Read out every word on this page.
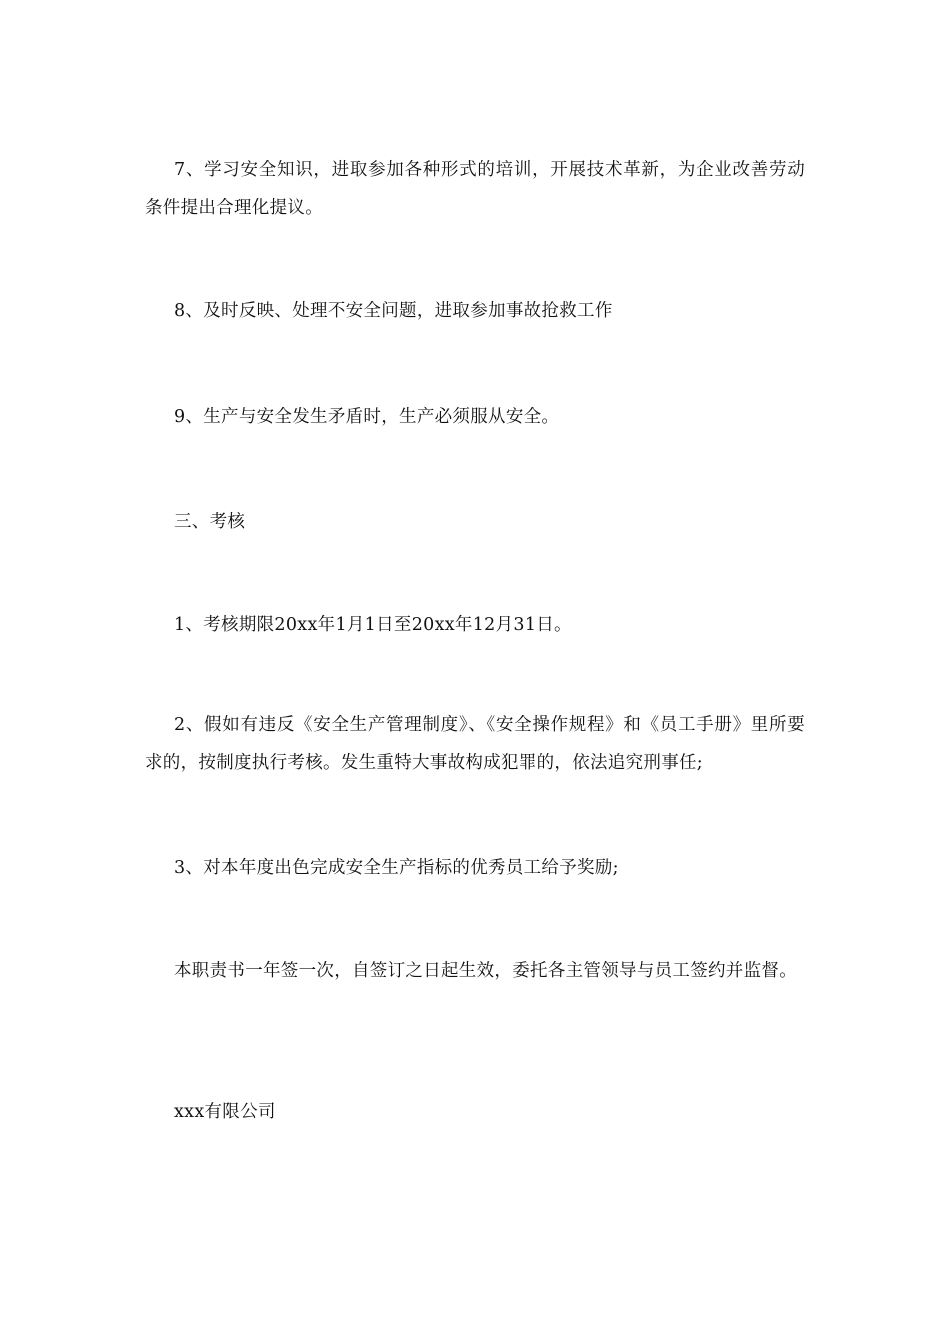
7、学习安全知识，进取参加各种形式的培训，开展技术革新，为企业改善劳动条件提出合理化提议。

8、及时反映、处理不安全问题，进取参加事故抢救工作

9、生产与安全发生矛盾时，生产必须服从安全。

三、考核

1、考核期限20xx年1月1日至20xx年12月31日。

2、假如有违反《安全生产管理制度》、《安全操作规程》和《员工手册》里所要求的，按制度执行考核。发生重特大事故构成犯罪的，依法追究刑事任;

3、对本年度出色完成安全生产指标的优秀员工给予奖励;

本职责书一年签一次，自签订之日起生效，委托各主管领导与员工签约并监督。

xxx有限公司
